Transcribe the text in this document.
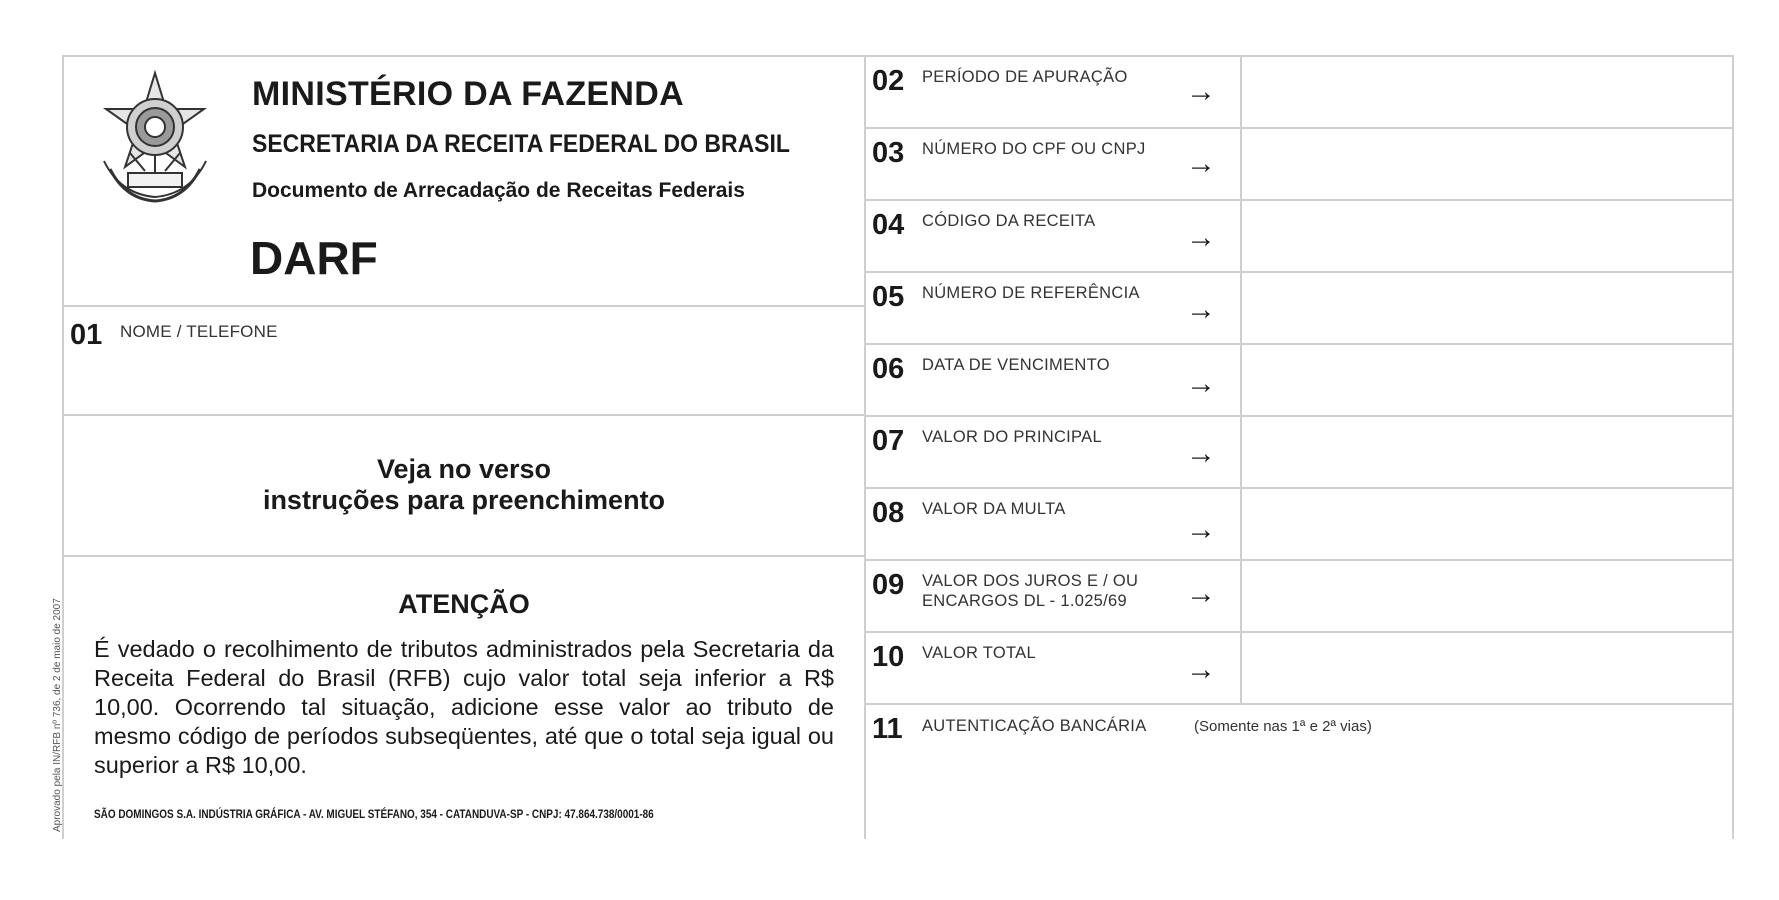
MINISTÉRIO DA FAZENDA
SECRETARIA DA RECEITA FEDERAL DO BRASIL
Documento de Arrecadação de Receitas Federais
DARF
01 NOME / TELEFONE
Veja no verso
instruções para preenchimento
ATENÇÃO
É vedado o recolhimento de tributos administrados pela Secretaria da Receita Federal do Brasil (RFB) cujo valor total seja inferior a R$ 10,00. Ocorrendo tal situação, adicione esse valor ao tributo de mesmo código de períodos subseqüentes, até que o total seja igual ou superior a R$ 10,00.
SÃO DOMINGOS S.A. INDÚSTRIA GRÁFICA - AV. MIGUEL STÉFANO, 354 - CATANDUVA-SP - CNPJ: 47.864.738/0001-86
02 PERÍODO DE APURAÇÃO →
03 NÚMERO DO CPF OU CNPJ →
04 CÓDIGO DA RECEITA	→
05 NÚMERO DE REFERÊNCIA →
06 DATA DE VENCIMENTO
→
07 VALOR DO PRINCIPAL	→
08 VALOR DA MULTA
→
09 VALOR DOS JUROS E / OU
ENCARGOS DL - 1.025/69	→
10 VALOR TOTAL	→
11 AUTENTICAÇÃO BANCÁRIA	(Somente nas 1ª e 2ª vias)
Aprovado pela IN/RFB nº 736, de 2 de maio de 2007
